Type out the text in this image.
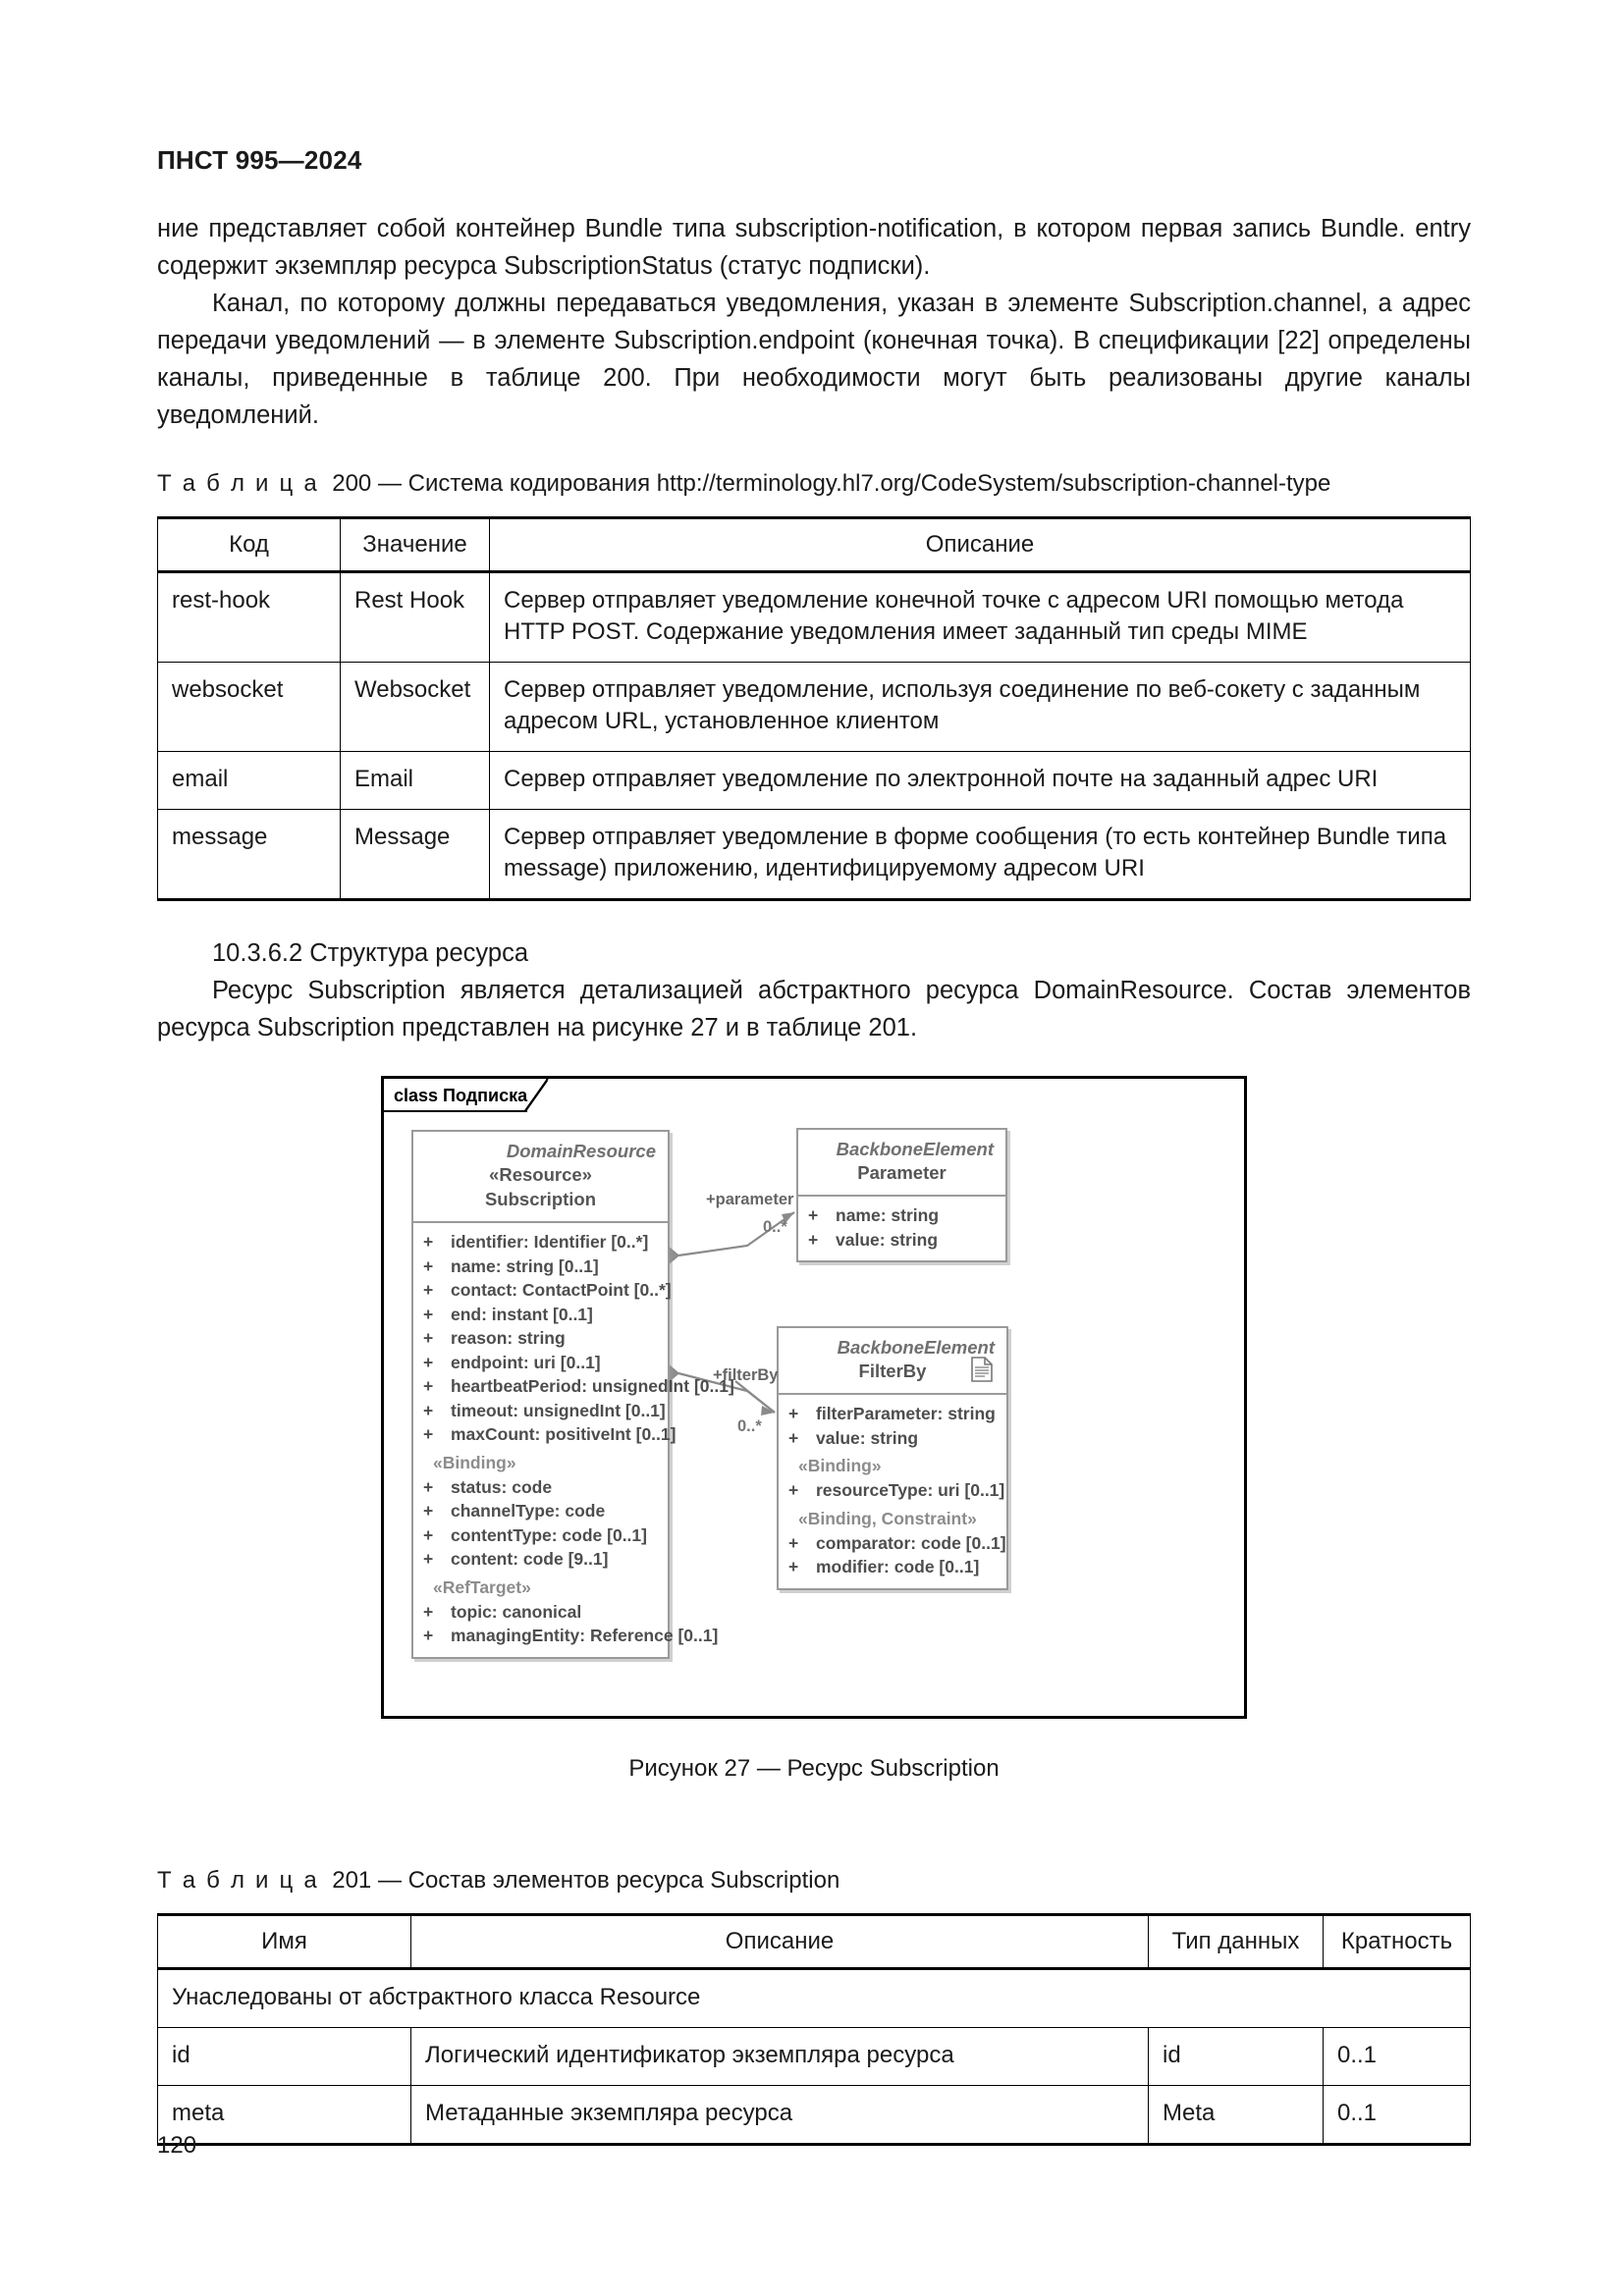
ПНСТ 995—2024

ние представляет собой контейнер Bundle типа subscription-notification, в котором первая запись Bundle. entry содержит экземпляр ресурса SubscriptionStatus (статус подписки).

Канал, по которому должны передаваться уведомления, указан в элементе Subscription.channel, а адрес передачи уведомлений — в элементе Subscription.endpoint (конечная точка). В спецификации [22] определены каналы, приведенные в таблице 200. При необходимости могут быть реализованы другие каналы уведомлений.

Т а б л и ц а 200 — Система кодирования http://terminology.hl7.org/CodeSystem/subscription-channel-type
Код	Значение	Описание
rest-hook	Rest Hook	Сервер отправляет уведомление конечной точке с адресом URI помощью метода HTTP POST. Содержание уведомления имеет заданный тип среды MIME
websocket	Websocket	Сервер отправляет уведомление, используя соединение по веб-сокету с заданным адресом URL, установленное клиентом
email	Email	Сервер отправляет уведомление по электронной почте на заданный адрес URI
message	Message	Сервер отправляет уведомление в форме сообщения (то есть контейнер Bundle типа message) приложению, идентифицируемому адресом URI
10.3.6.2 Структура ресурса

Ресурс Subscription является детализацией абстрактного ресурса DomainResource. Состав элементов ресурса Subscription представлен на рисунке 27 и в таблице 201.

class Подписка
DomainResource
«Resource»
Subscription
+	identifier: Identifier [0..*]
+	name: string [0..1]
+	contact: ContactPoint [0..*]
+	end: instant [0..1]
+	reason: string
+	endpoint: uri [0..1]
+	heartbeatPeriod: unsignedInt [0..1]
+	timeout: unsignedInt [0..1]
+	maxCount: positiveInt [0..1]
«Binding»
+	status: code
+	channelType: code
+	contentType: code [0..1]
+	content: code [9..1]
«RefTarget»
+	topic: canonical
+	managingEntity: Reference [0..1]
BackboneElement
Parameter
+	name: string
+	value: string
BackboneElement
FilterBy
+	filterParameter: string
+	value: string
«Binding»
+	resourceType: uri [0..1]
«Binding, Constraint»
+	comparator: code [0..1]
+	modifier: code [0..1]
+parameter
0..*
+filterBy
0..*
Рисунок 27 — Ресурс Subscription
Т а б л и ц а 201 — Состав элементов ресурса Subscription
Имя	Описание	Тип данных	Кратность
Унаследованы от абстрактного класса Resource			
id	Логический идентификатор экземпляра ресурса	id	0..1
meta	Метаданные экземпляра ресурса	Meta	0..1
120
